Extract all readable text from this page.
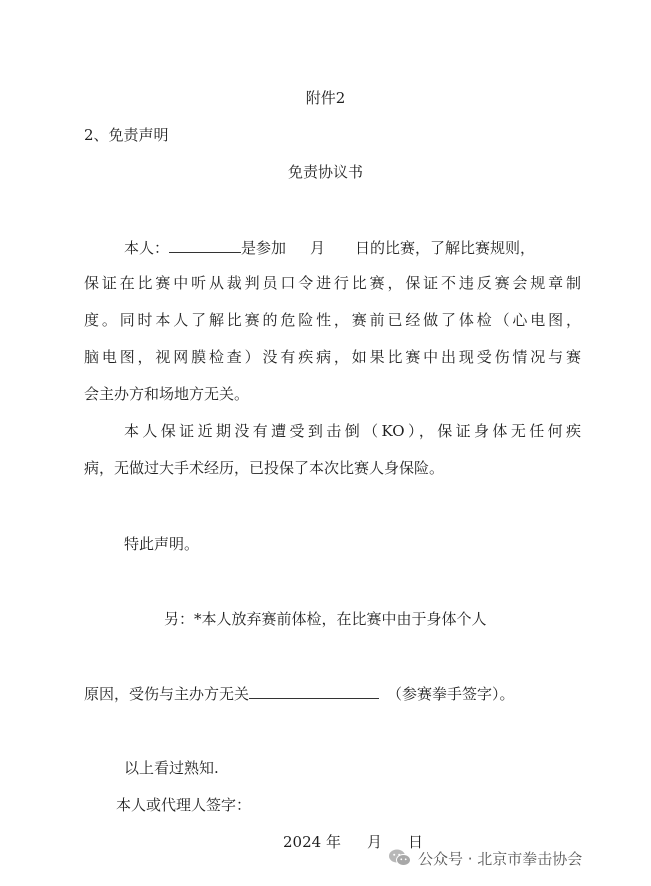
附件2
2、免责声明
免责协议书
本人：	是参加 月 日的比赛，了解比赛规则，
保证在比赛中听从裁判员口令进行比赛，保证不违反赛会规章制
度。同时本人了解比赛的危险性，赛前已经做了体检（心电图，
脑电图，视网膜检查）没有疾病，如果比赛中出现受伤情况与赛
会主办方和场地方无关。
本人保证近期没有遭受到击倒（KO），保证身体无任何疾
病，无做过大手术经历，已投保了本次比赛人身保险。
特此声明。
另：*本人放弃赛前体检，在比赛中由于身体个人
原因，受伤与主办方无关	（参赛拳手签字）。
以上看过熟知.
本人或代理人签字：
2024 年 月 日
公众号 · 北京市拳击协会
